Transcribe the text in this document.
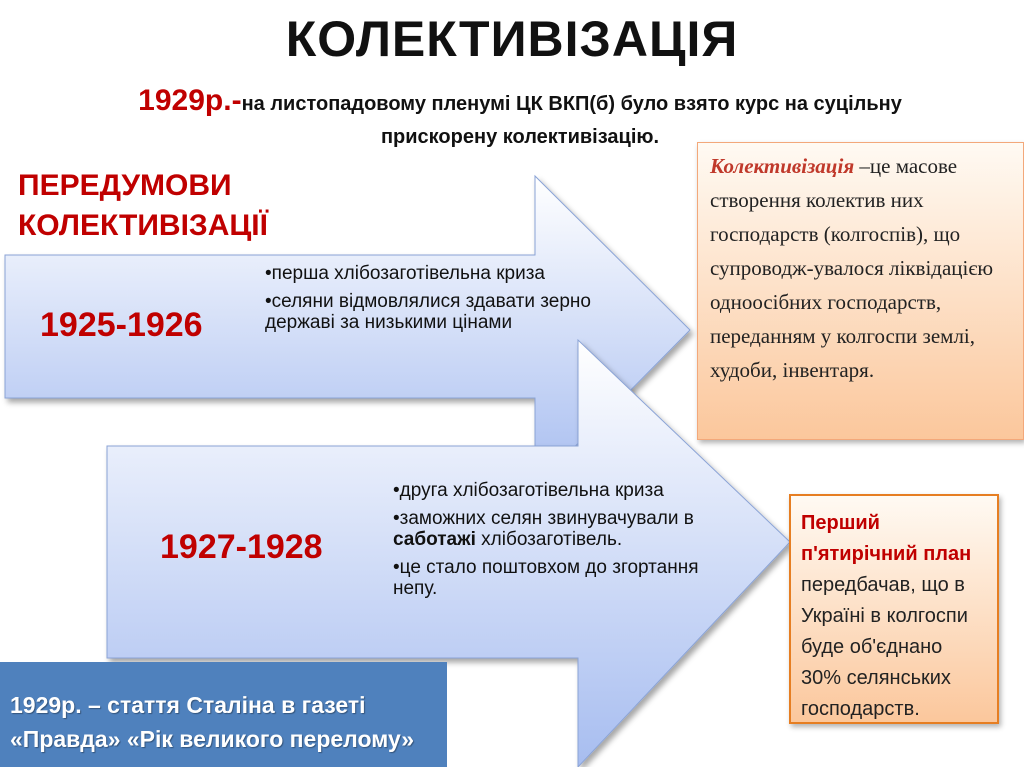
КОЛЕКТИВІЗАЦІЯ
1929р.-на листопадовому пленумі ЦК ВКП(б) було взято курс на суцільну прискорену колективізацію.
ПЕРЕДУМОВИ
КОЛЕКТИВІЗАЦІЇ
1925-1926

•перша хлібозаготівельна криза

•селяни відмовлялися здавати зерно державі за низькими цінами

1927-1928

•друга хлібозаготівельна криза

•заможних селян звинувачували в саботажі хлібозаготівель.

•це стало поштовхом до згортання непу.

Колективізація –це масове створення колектив них господарств (колгоспів), що супроводж-увалося ліквідацією одноосібних господарств, переданням у колгоспи землі, худоби, інвентаря.
Перший п'ятирічний план передбачав, що в Україні в колгоспи буде об'єднано 30% селянських господарств.
1929р. – стаття Сталіна в газеті
«Правда» «Рік великого перелому»
